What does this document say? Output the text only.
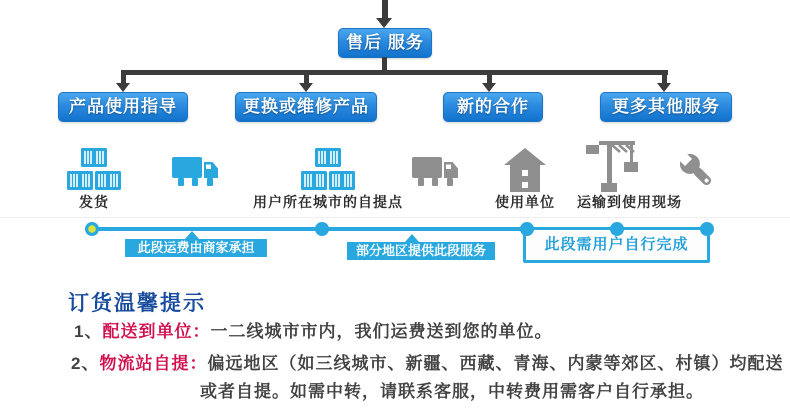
售后 服务
产品使用指导	更换或维修产品	新的合作	更多其他服务
发货	用户所在城市的自提点	使用单位 运输到使用现场
此段需用户自行完成
此段运费由商家承担	部分地区提供此段服务
订货温馨提示
1、配送到单位：一二线城市市内，我们运费送到您的单位。
2、物流站自提：偏远地区（如三线城市、新疆、西藏、青海、内蒙等郊区、村镇）均配送
或者自提。如需中转，请联系客服，中转费用需客户自行承担。
